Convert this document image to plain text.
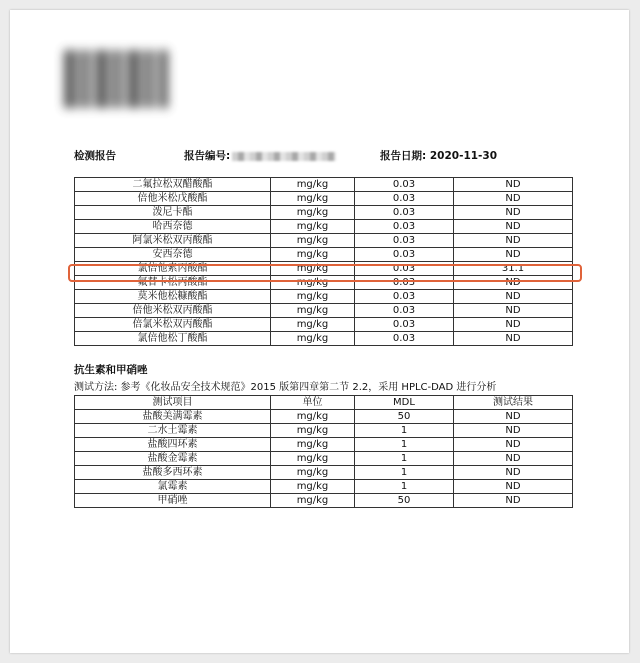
检测报告	报告编号:	报告日期: 2020-11-30
二氟拉松双醋酸酯	mg/kg	0.03	ND
倍他米松戊酸酯	mg/kg	0.03	ND
泼尼卡酯	mg/kg	0.03	ND
哈西奈德	mg/kg	0.03	ND
阿氯米松双丙酸酯	mg/kg	0.03	ND
安西奈德	mg/kg	0.03	ND
氯倍他索丙酸酯	mg/kg	0.03	31.1
氟替卡松丙酸酯	mg/kg	0.03	ND
莫米他松糠酸酯	mg/kg	0.03	ND
倍他米松双丙酸酯	mg/kg	0.03	ND
倍氯米松双丙酸酯	mg/kg	0.03	ND
氯倍他松丁酸酯	mg/kg	0.03	ND
抗生素和甲硝唑
测试方法: 参考《化妆品安全技术规范》2015 版第四章第二节 2.2，采用 HPLC-DAD 进行分析
测试项目	单位	MDL	测试结果
盐酸美满霉素	mg/kg	50	ND
二水土霉素	mg/kg	1	ND
盐酸四环素	mg/kg	1	ND
盐酸金霉素	mg/kg	1	ND
盐酸多西环素	mg/kg	1	ND
氯霉素	mg/kg	1	ND
甲硝唑	mg/kg	50	ND
